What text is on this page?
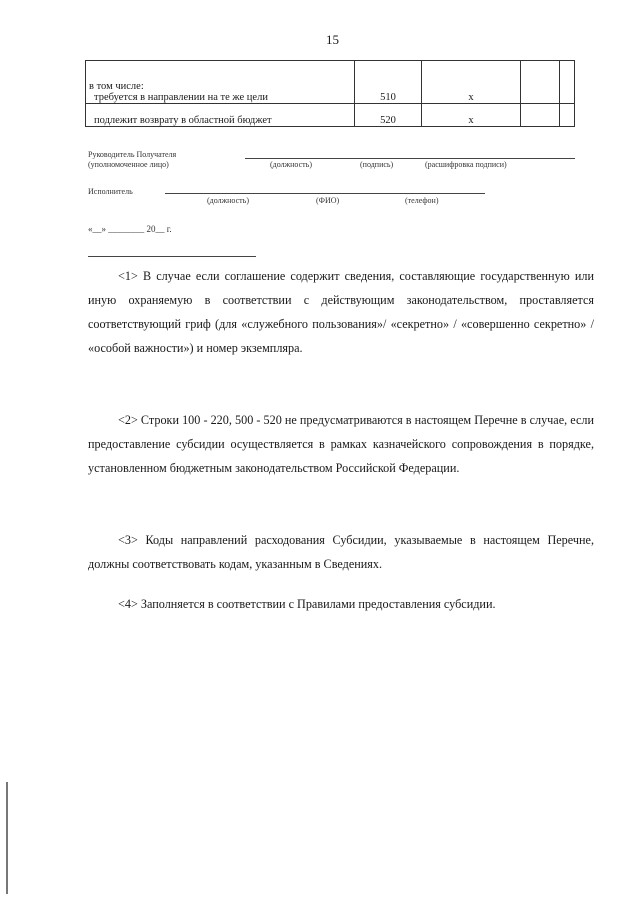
15
в том числе:
требуется в направлении на те же цели	510	x		

подлежит возврату в областной бюджет	520	x		
Руководитель Получателя
(уполномоченное лицо)	(должность)	(подпись)	(расшифровка подписи)
Исполнитель
(должность)	(ФИО)	(телефон)
«__» ________ 20__ г.

<1> В случае если соглашение содержит сведения, составляющие государственную или иную охраняемую в соответствии с действующим законодательством, проставляется соответствующий гриф (для «служебного пользования»/ «секретно» / «совершенно секретно» / «особой важности») и номер экземпляра.

<2> Строки 100 - 220, 500 - 520 не предусматриваются в настоящем Перечне в случае, если предоставление субсидии осуществляется в рамках казначейского сопровождения в порядке, установленном бюджетным законодательством Российской Федерации.

<3> Коды направлений расходования Субсидии, указываемые в настоящем Перечне, должны соответствовать кодам, указанным в Сведениях.

<4> Заполняется в соответствии с Правилами предоставления субсидии.
